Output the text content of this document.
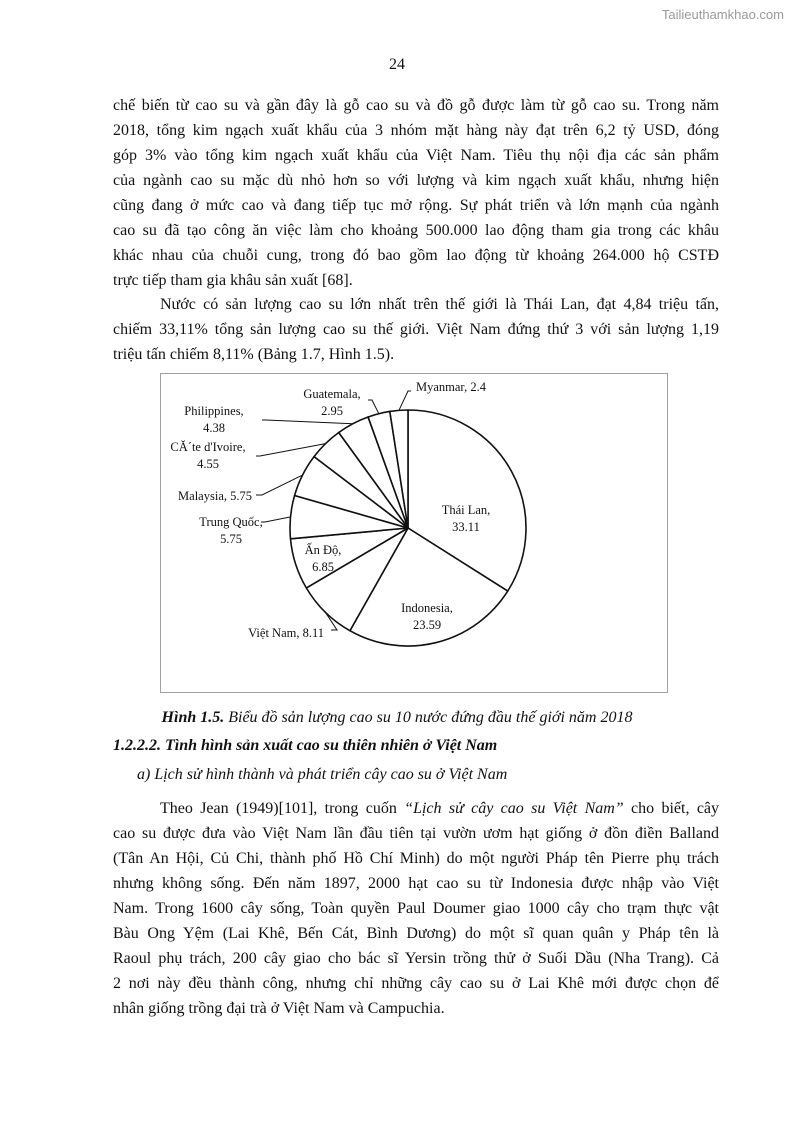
Tailieuthamkhao.com
24
chế biến từ cao su và gần đây là gỗ cao su và đồ gỗ được làm từ gỗ cao su. Trong năm
2018, tổng kim ngạch xuất khẩu của 3 nhóm mặt hàng này đạt trên 6,2 tỷ USD, đóng
góp 3% vào tổng kim ngạch xuất khẩu của Việt Nam. Tiêu thụ nội địa các sản phẩm
của ngành cao su mặc dù nhỏ hơn so với lượng và kim ngạch xuất khẩu, nhưng hiện
cũng đang ở mức cao và đang tiếp tục mở rộng. Sự phát triển và lớn mạnh của ngành
cao su đã tạo công ăn việc làm cho khoảng 500.000 lao động tham gia trong các khâu
khác nhau của chuỗi cung, trong đó bao gồm lao động từ khoảng 264.000 hộ CSTĐ
trực tiếp tham gia khâu sản xuất [68].
Nước có sản lượng cao su lớn nhất trên thế giới là Thái Lan, đạt 4,84 triệu tấn,
chiếm 33,11% tổng sản lượng cao su thế giới. Việt Nam đứng thứ 3 với sản lượng 1,19
triệu tấn chiếm 8,11% (Bảng 1.7, Hình 1.5).
Thái Lan, 33.11
Indonesia, 23.59
Việt Nam, 8.11
Ấn Độ, 6.85
Trung Quốc, 5.75
Malaysia, 5.75
CĂ´te d'Ivoire, 4.55
Philippines, 4.38
Guatemala, 2.95
Myanmar, 2.4
Hình 1.5. Biểu đồ sản lượng cao su 10 nước đứng đầu thế giới năm 2018
1.2.2.2. Tình hình sản xuất cao su thiên nhiên ở Việt Nam
a) Lịch sử hình thành và phát triển cây cao su ở Việt Nam
Theo Jean (1949)[101], trong cuốn “Lịch sử cây cao su Việt Nam” cho biết, cây
cao su được đưa vào Việt Nam lần đầu tiên tại vườn ươm hạt giống ở đồn điền Balland
(Tân An Hội, Củ Chi, thành phố Hồ Chí Minh) do một người Pháp tên Pierre phụ trách
nhưng không sống. Đến năm 1897, 2000 hạt cao su từ Indonesia được nhập vào Việt
Nam. Trong 1600 cây sống, Toàn quyền Paul Doumer giao 1000 cây cho trạm thực vật
Bàu Ong Yệm (Lai Khê, Bến Cát, Bình Dương) do một sĩ quan quân y Pháp tên là
Raoul phụ trách, 200 cây giao cho bác sĩ Yersin trồng thử ở Suối Dầu (Nha Trang). Cả
2 nơi này đều thành công, nhưng chỉ những cây cao su ở Lai Khê mới được chọn để
nhân giống trồng đại trà ở Việt Nam và Campuchia.
